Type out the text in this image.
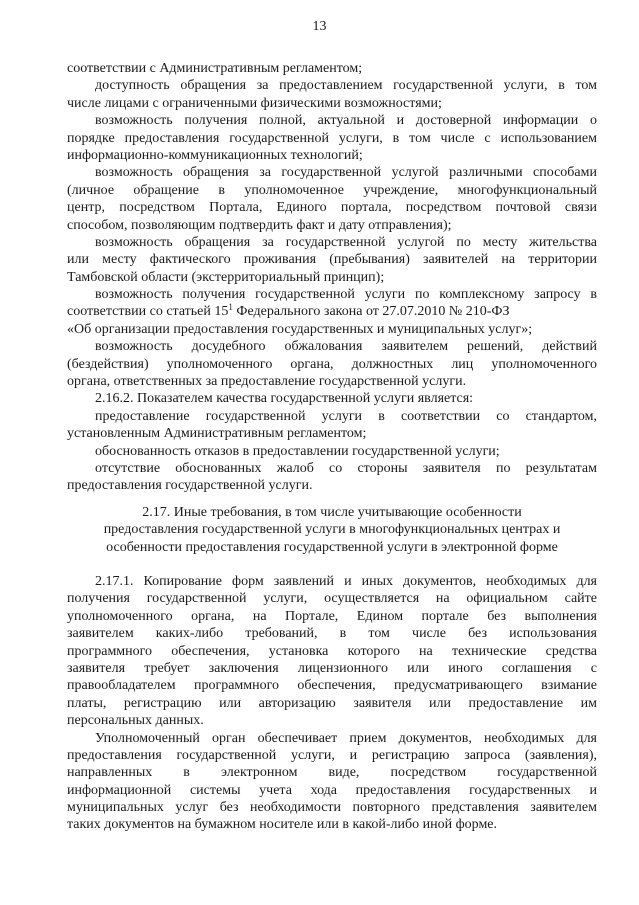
13
соответствии с Административным регламентом;
доступность обращения за предоставлением государственной услуги, в том
числе лицами с ограниченными физическими возможностями;
возможность получения полной, актуальной и достоверной информации о
порядке предоставления государственной услуги, в том числе с использованием
информационно-коммуникационных технологий;
возможность обращения за государственной услугой различными способами
(личное обращение в уполномоченное учреждение, многофункциональный
центр, посредством Портала, Единого портала, посредством почтовой связи
способом, позволяющим подтвердить факт и дату отправления);
возможность обращения за государственной услугой по месту жительства
или месту фактического проживания (пребывания) заявителей на территории
Тамбовской области (экстерриториальный принцип);
возможность получения государственной услуги по комплексному запросу в
соответствии со статьей $15^1$ Федерального закона от 27.07.2010 № 210-ФЗ
«Об организации предоставления государственных и муниципальных услуг»;
возможность досудебного обжалования заявителем решений, действий
(бездействия) уполномоченного органа, должностных лиц уполномоченного
органа, ответственных за предоставление государственной услуги.
2.16.2. Показателем качества государственной услуги является:
предоставление государственной услуги в соответствии со стандартом,
установленным Административным регламентом;
обоснованность отказов в предоставлении государственной услуги;
отсутствие обоснованных жалоб со стороны заявителя по результатам
предоставления государственной услуги.
2.17. Иные требования, в том числе учитывающие особенности
предоставления государственной услуги в многофункциональных центрах и
особенности предоставления государственной услуги в электронной форме
2.17.1. Копирование форм заявлений и иных документов, необходимых для
получения государственной услуги, осуществляется на официальном сайте
уполномоченного органа, на Портале, Едином портале без выполнения
заявителем каких-либо требований, в том числе без использования
программного обеспечения, установка которого на технические средства
заявителя требует заключения лицензионного или иного соглашения с
правообладателем программного обеспечения, предусматривающего взимание
платы, регистрацию или авторизацию заявителя или предоставление им
персональных данных.
Уполномоченный орган обеспечивает прием документов, необходимых для
предоставления государственной услуги, и регистрацию запроса (заявления),
направленных в электронном виде, посредством государственной
информационной системы учета хода предоставления государственных и
муниципальных услуг без необходимости повторного представления заявителем
таких документов на бумажном носителе или в какой-либо иной форме.
